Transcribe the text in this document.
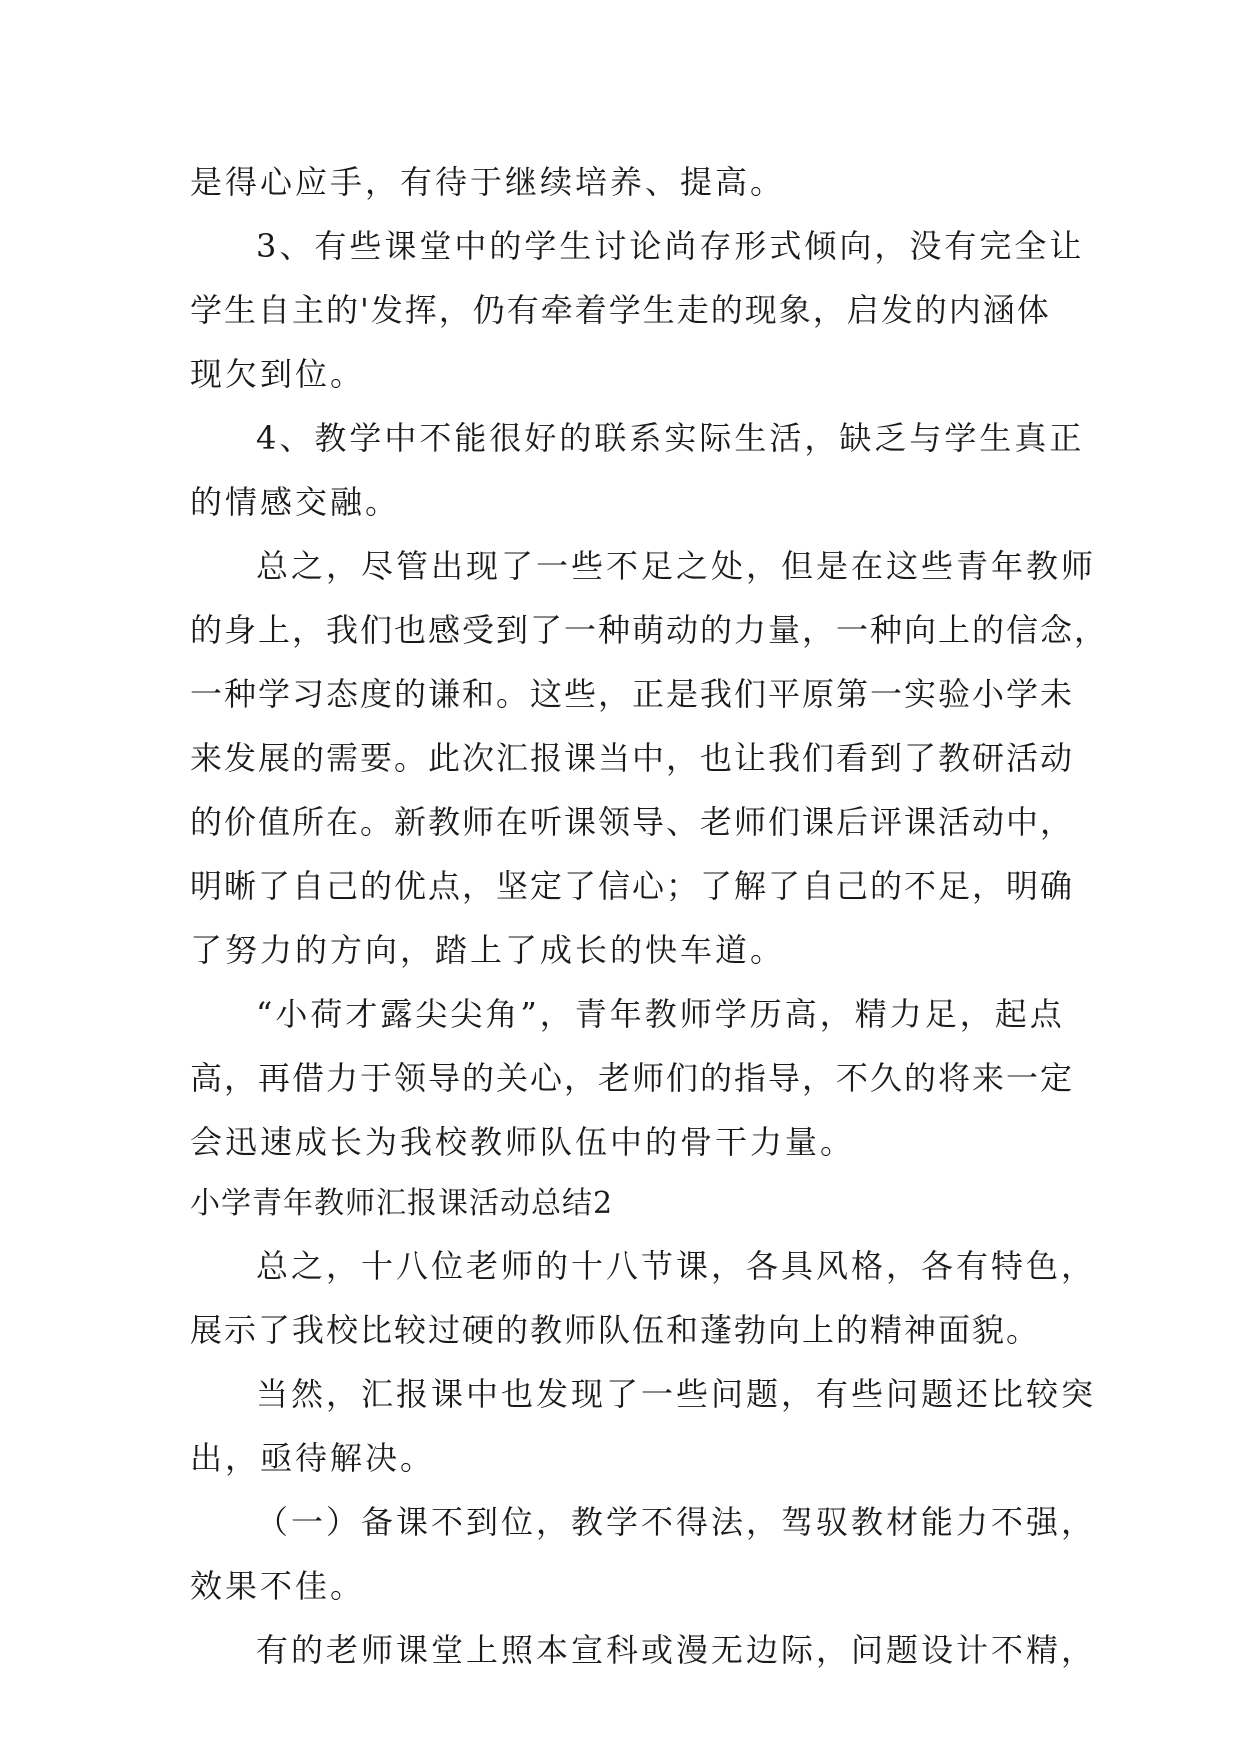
是得心应手，有待于继续培养、提高。
3、有些课堂中的学生讨论尚存形式倾向，没有完全让
学生自主的'发挥，仍有牵着学生走的现象，启发的内涵体
现欠到位。
4、教学中不能很好的联系实际生活，缺乏与学生真正
的情感交融。
总之，尽管出现了一些不足之处，但是在这些青年教师
的身上，我们也感受到了一种萌动的力量，一种向上的信念，
一种学习态度的谦和。这些，正是我们平原第一实验小学未
来发展的需要。此次汇报课当中，也让我们看到了教研活动
的价值所在。新教师在听课领导、老师们课后评课活动中，
明晰了自己的优点，坚定了信心；了解了自己的不足，明确
了努力的方向，踏上了成长的快车道。
“小荷才露尖尖角”，青年教师学历高，精力足，起点
高，再借力于领导的关心，老师们的指导，不久的将来一定
会迅速成长为我校教师队伍中的骨干力量。
小学青年教师汇报课活动总结2
总之，十八位老师的十八节课，各具风格，各有特色，
展示了我校比较过硬的教师队伍和蓬勃向上的精神面貌。
当然，汇报课中也发现了一些问题，有些问题还比较突
出，亟待解决。
（一）备课不到位，教学不得法，驾驭教材能力不强，
效果不佳。
有的老师课堂上照本宣科或漫无边际，问题设计不精，
